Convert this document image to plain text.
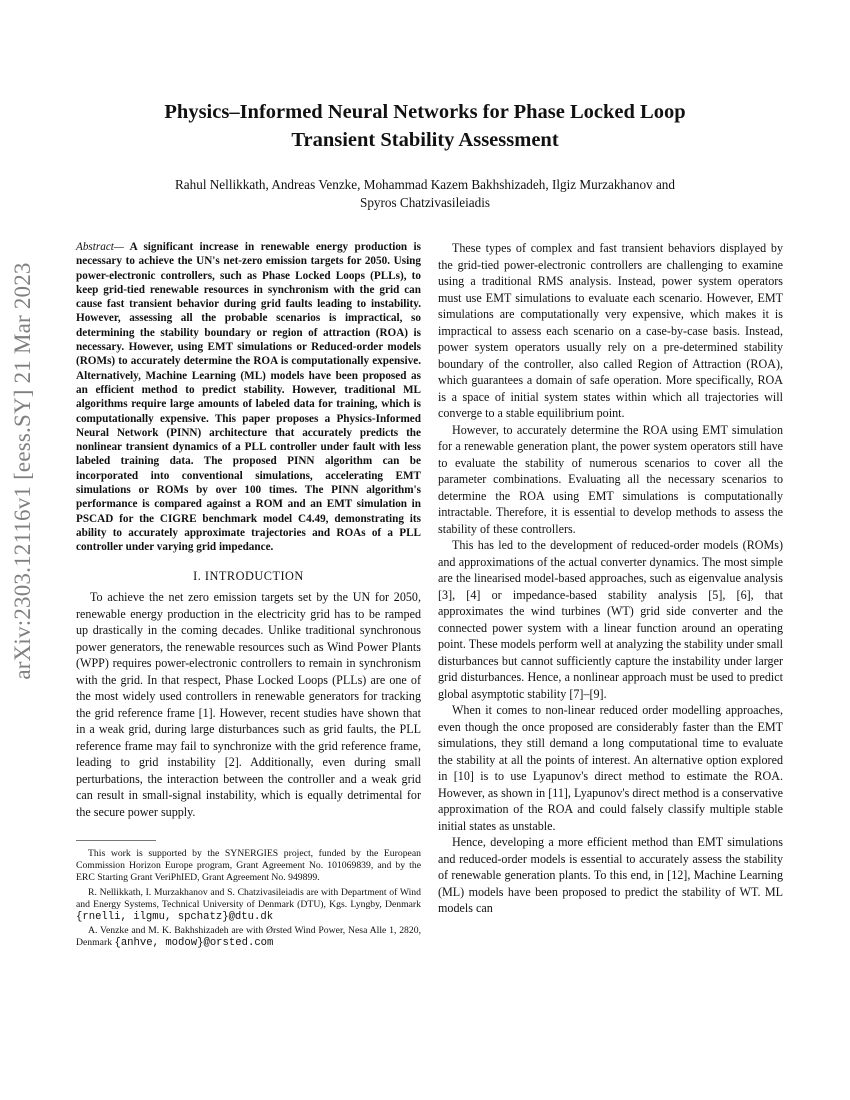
Physics–Informed Neural Networks for Phase Locked Loop
Transient Stability Assessment
Rahul Nellikkath, Andreas Venzke, Mohammad Kazem Bakhshizadeh, Ilgiz Murzakhanov and
Spyros Chatzivasileiadis
arXiv:2303.12116v1 [eess.SY] 21 Mar 2023
Abstract— A significant increase in renewable energy production is necessary to achieve the UN's net-zero emission targets for 2050. Using power-electronic controllers, such as Phase Locked Loops (PLLs), to keep grid-tied renewable resources in synchronism with the grid can cause fast transient behavior during grid faults leading to instability. However, assessing all the probable scenarios is impractical, so determining the stability boundary or region of attraction (ROA) is necessary. However, using EMT simulations or Reduced-order models (ROMs) to accurately determine the ROA is computationally expensive. Alternatively, Machine Learning (ML) models have been proposed as an efficient method to predict stability. However, traditional ML algorithms require large amounts of labeled data for training, which is computationally expensive. This paper proposes a Physics-Informed Neural Network (PINN) architecture that accurately predicts the nonlinear transient dynamics of a PLL controller under fault with less labeled training data. The proposed PINN algorithm can be incorporated into conventional simulations, accelerating EMT simulations or ROMs by over 100 times. The PINN algorithm's performance is compared against a ROM and an EMT simulation in PSCAD for the CIGRE benchmark model C4.49, demonstrating its ability to accurately approximate trajectories and ROAs of a PLL controller under varying grid impedance.
I. INTRODUCTION

To achieve the net zero emission targets set by the UN for 2050, renewable energy production in the electricity grid has to be ramped up drastically in the coming decades. Unlike traditional synchronous power generators, the renewable resources such as Wind Power Plants (WPP) requires power-electronic controllers to remain in synchronism with the grid. In that respect, Phase Locked Loops (PLLs) are one of the most widely used controllers in renewable generators for tracking the grid reference frame [1]. However, recent studies have shown that in a weak grid, during large disturbances such as grid faults, the PLL reference frame may fail to synchronize with the grid reference frame, leading to grid instability [2]. Additionally, even during small perturbations, the interaction between the controller and a weak grid can result in small-signal instability, which is equally detrimental for the secure power supply.

This work is supported by the SYNERGIES project, funded by the European Commission Horizon Europe program, Grant Agreement No. 101069839, and by the ERC Starting Grant VeriPhIED, Grant Agreement No. 949899.
R. Nellikkath, I. Murzakhanov and S. Chatzivasileiadis are with Department of Wind and Energy Systems, Technical University of Denmark (DTU), Kgs. Lyngby, Denmark {rnelli, ilgmu, spchatz}@dtu.dk
A. Venzke and M. K. Bakhshizadeh are with Ørsted Wind Power, Nesa Alle 1, 2820, Denmark {anhve, modow}@orsted.com

These types of complex and fast transient behaviors displayed by the grid-tied power-electronic controllers are challenging to examine using a traditional RMS analysis. Instead, power system operators must use EMT simulations to evaluate each scenario. However, EMT simulations are computationally very expensive, which makes it is impractical to assess each scenario on a case-by-case basis. Instead, power system operators usually rely on a pre-determined stability boundary of the controller, also called Region of Attraction (ROA), which guarantees a domain of safe operation. More specifically, ROA is a space of initial system states within which all trajectories will converge to a stable equilibrium point.

However, to accurately determine the ROA using EMT simulation for a renewable generation plant, the power system operators still have to evaluate the stability of numerous scenarios to cover all the parameter combinations. Evaluating all the necessary scenarios to determine the ROA using EMT simulations is computationally intractable. Therefore, it is essential to develop methods to assess the stability of these controllers.

This has led to the development of reduced-order models (ROMs) and approximations of the actual converter dynamics. The most simple are the linearised model-based approaches, such as eigenvalue analysis [3], [4] or impedance-based stability analysis [5], [6], that approximates the wind turbines (WT) grid side converter and the connected power system with a linear function around an operating point. These models perform well at analyzing the stability under small disturbances but cannot sufficiently capture the instability under larger grid disturbances. Hence, a nonlinear approach must be used to predict global asymptotic stability [7]–[9].

When it comes to non-linear reduced order modelling approaches, even though the once proposed are considerably faster than the EMT simulations, they still demand a long computational time to evaluate the stability at all the points of interest. An alternative option explored in [10] is to use Lyapunov's direct method to estimate the ROA. However, as shown in [11], Lyapunov's direct method is a conservative approximation of the ROA and could falsely classify multiple stable initial states as unstable.

Hence, developing a more efficient method than EMT simulations and reduced-order models is essential to accurately assess the stability of renewable generation plants. To this end, in [12], Machine Learning (ML) models have been proposed to predict the stability of WT. ML models can
